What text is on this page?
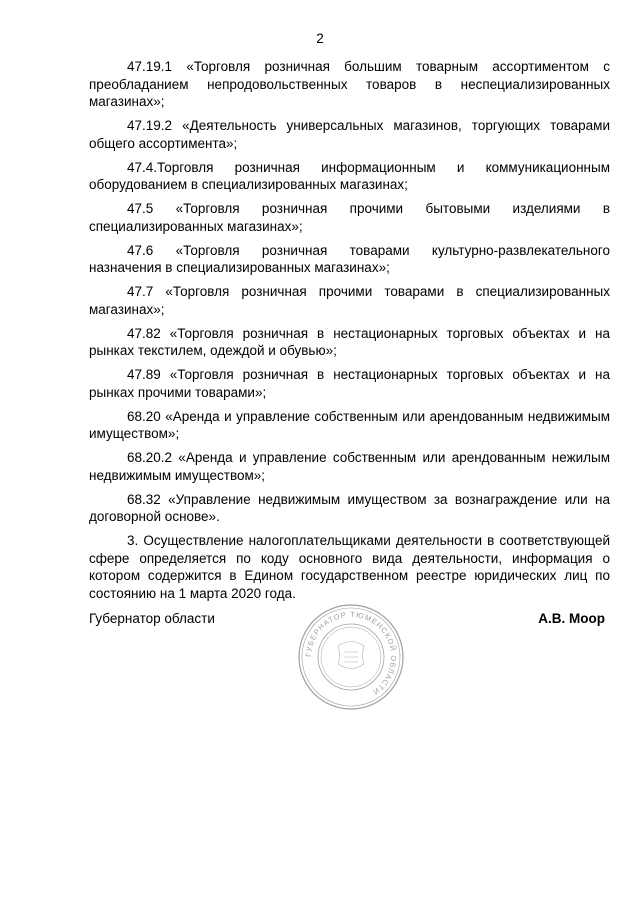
2

47.19.1 «Торговля розничная большим товарным ассортиментом с преобладанием непродовольственных товаров в неспециализированных магазинах»;

47.19.2 «Деятельность универсальных магазинов, торгующих товарами общего ассортимента»;

47.4.Торговля розничная информационным и коммуникационным оборудованием в специализированных магазинах;

47.5 «Торговля розничная прочими бытовыми изделиями в специализированных магазинах»;

47.6 «Торговля розничная товарами культурно-развлекательного назначения в специализированных магазинах»;

47.7 «Торговля розничная прочими товарами в специализированных магазинах»;

47.82 «Торговля розничная в нестационарных торговых объектах и на рынках текстилем, одеждой и обувью»;

47.89 «Торговля розничная в нестационарных торговых объектах и на рынках прочими товарами»;

68.20 «Аренда и управление собственным или арендованным недвижимым имуществом»;

68.20.2 «Аренда и управление собственным или арендованным нежилым недвижимым имуществом»;

68.32 «Управление недвижимым имуществом за вознаграждение или на договорной основе».

3. Осуществление налогоплательщиками деятельности в соответствующей сфере определяется по коду основного вида деятельности, информация о котором содержится в Едином государственном реестре юридических лиц по состоянию на 1 марта 2020 года.

Губернатор области	А.В. Моор
ГУБЕРНАТОР ТЮМЕНСКОЙ ОБЛАСТИ
